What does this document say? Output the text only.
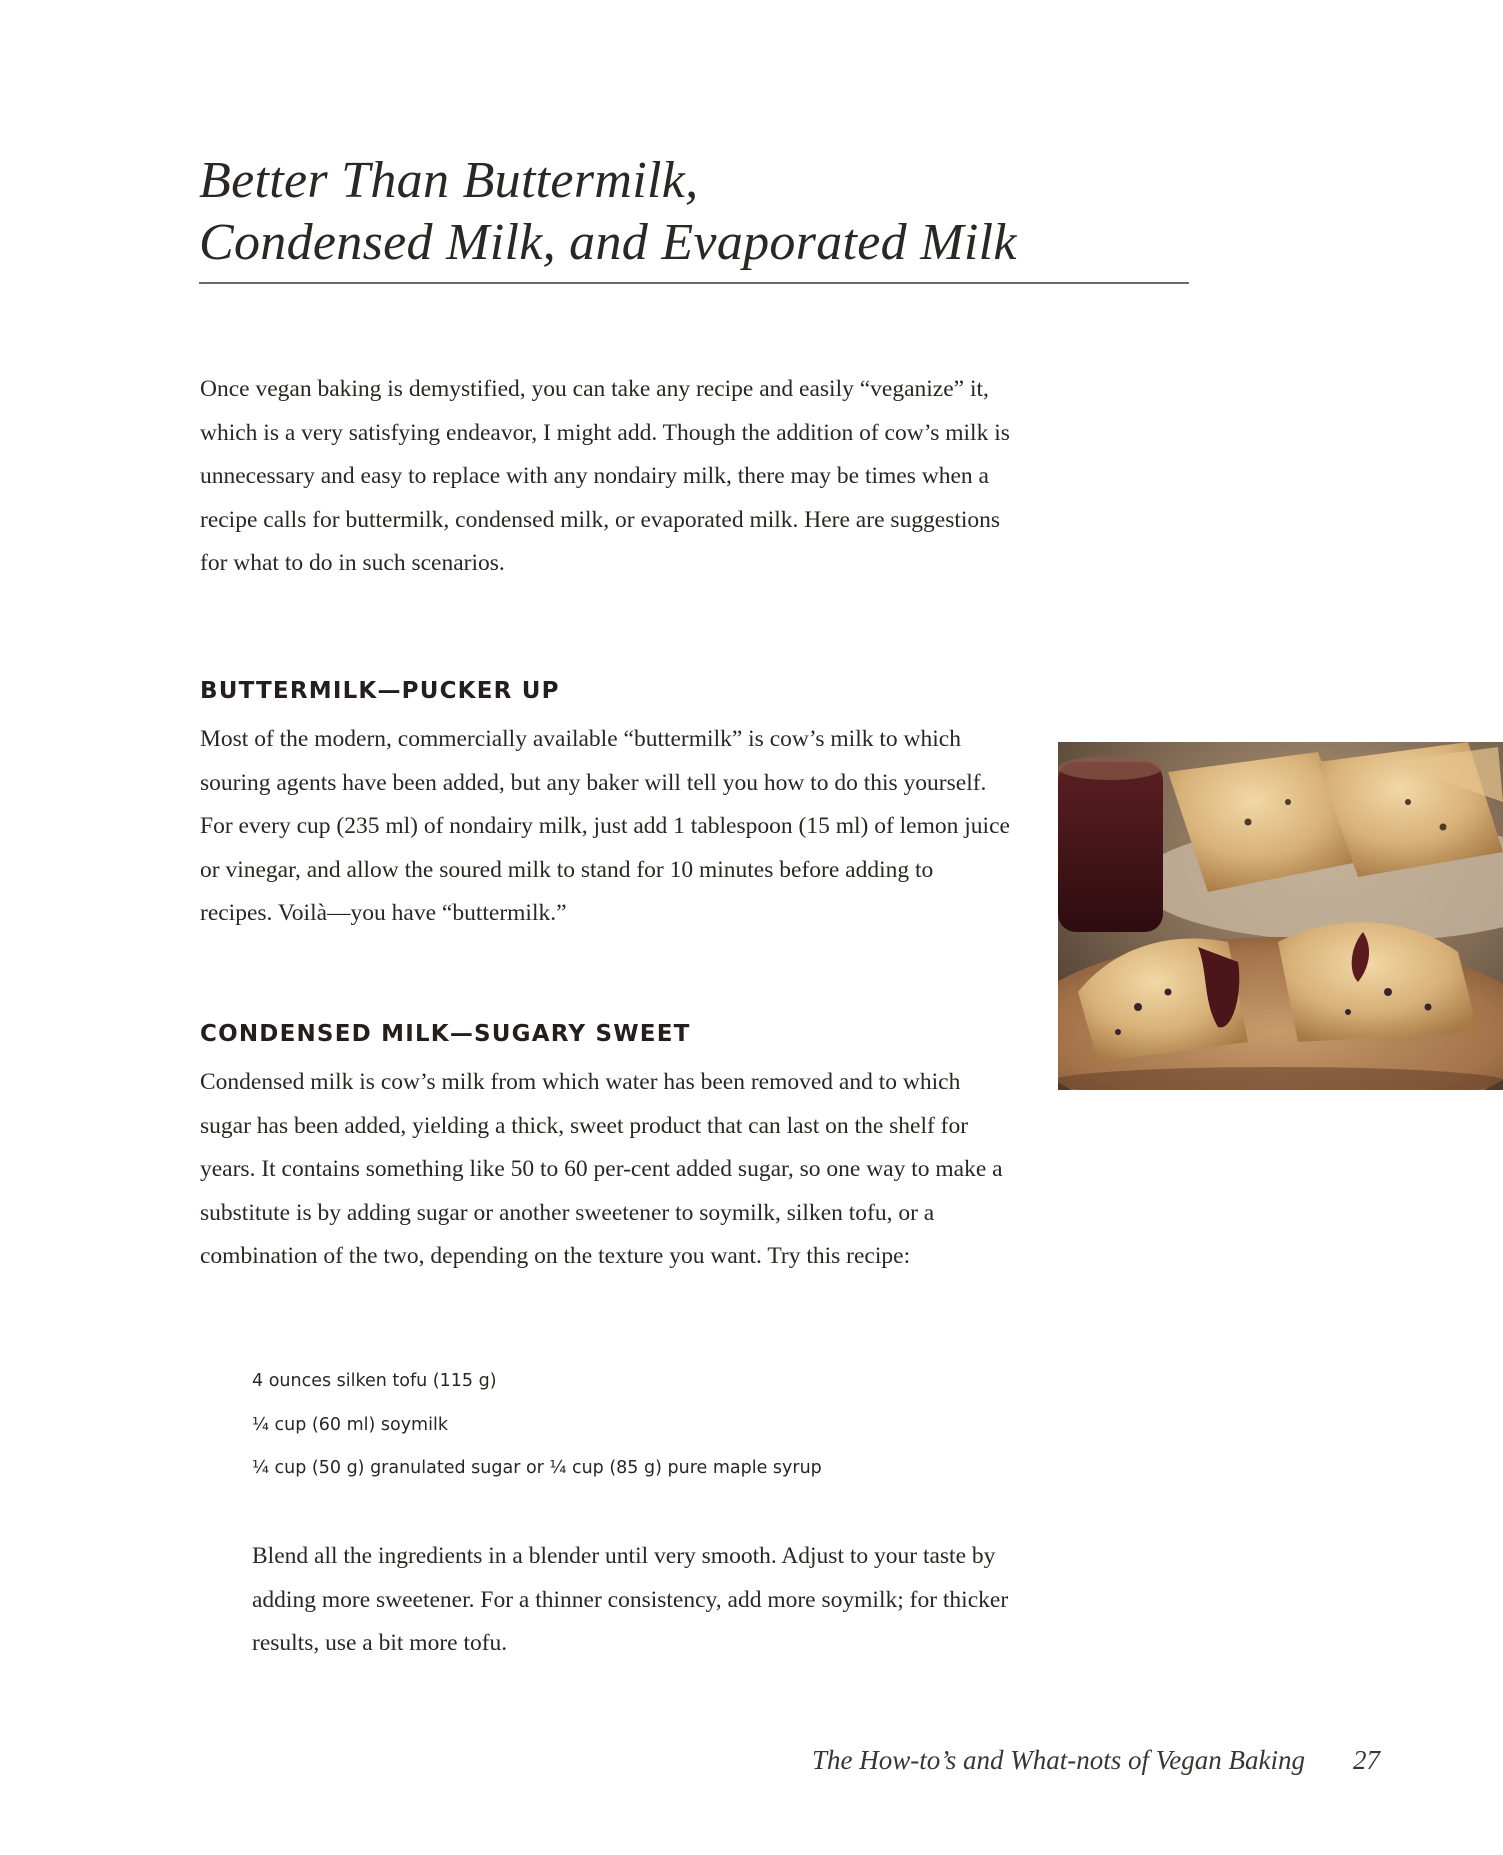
Better Than Buttermilk,
Condensed Milk, and Evaporated Milk
Once vegan baking is demystified, you can take any recipe and easily “veganize” it, which is a very satisfying endeavor, I might add. Though the addition of cow’s milk is unnecessary and easy to replace with any nondairy milk, there may be times when a recipe calls for buttermilk, condensed milk, or evaporated milk. Here are suggestions for what to do in such scenarios.
BUTTERMILK—PUCKER UP
Most of the modern, commercially available “buttermilk” is cow’s milk to which souring agents have been added, but any baker will tell you how to do this yourself. For every cup (235 ml) of nondairy milk, just add 1 tablespoon (15 ml) of lemon juice or vinegar, and allow the soured milk to stand for 10 minutes before adding to recipes. Voilà—you have “buttermilk.”
CONDENSED MILK—SUGARY SWEET
Condensed milk is cow’s milk from which water has been removed and to which sugar has been added, yielding a thick, sweet product that can last on the shelf for years. It contains something like 50 to 60 per-cent added sugar, so one way to make a substitute is by adding sugar or another sweetener to soymilk, silken tofu, or a combination of the two, depending on the texture you want. Try this recipe:
4 ounces silken tofu (115 g)
¼ cup (60 ml) soymilk
¼ cup (50 g) granulated sugar or ¼ cup (85 g) pure maple syrup
Blend all the ingredients in a blender until very smooth. Adjust to your taste by adding more sweetener. For a thinner consistency, add more soymilk; for thicker results, use a bit more tofu.
The How-to’s and What-nots of Vegan Baking 27
